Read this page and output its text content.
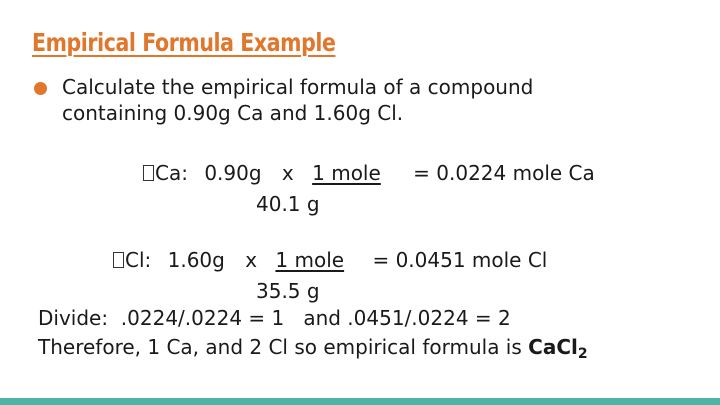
Empirical Formula Example
Calculate the empirical formula of a compound
containing 0.90g Ca and 1.60g Cl.
Ca: 0.90g x 1 mole = 0.0224 mole Ca
40.1 g
Cl: 1.60g x 1 mole = 0.0451 mole Cl
35.5 g
Divide:  .0224/.0224 = 1   and .0451/.0224 = 2
Therefore, 1 Ca, and 2 Cl so empirical formula is CaCl$_2$
